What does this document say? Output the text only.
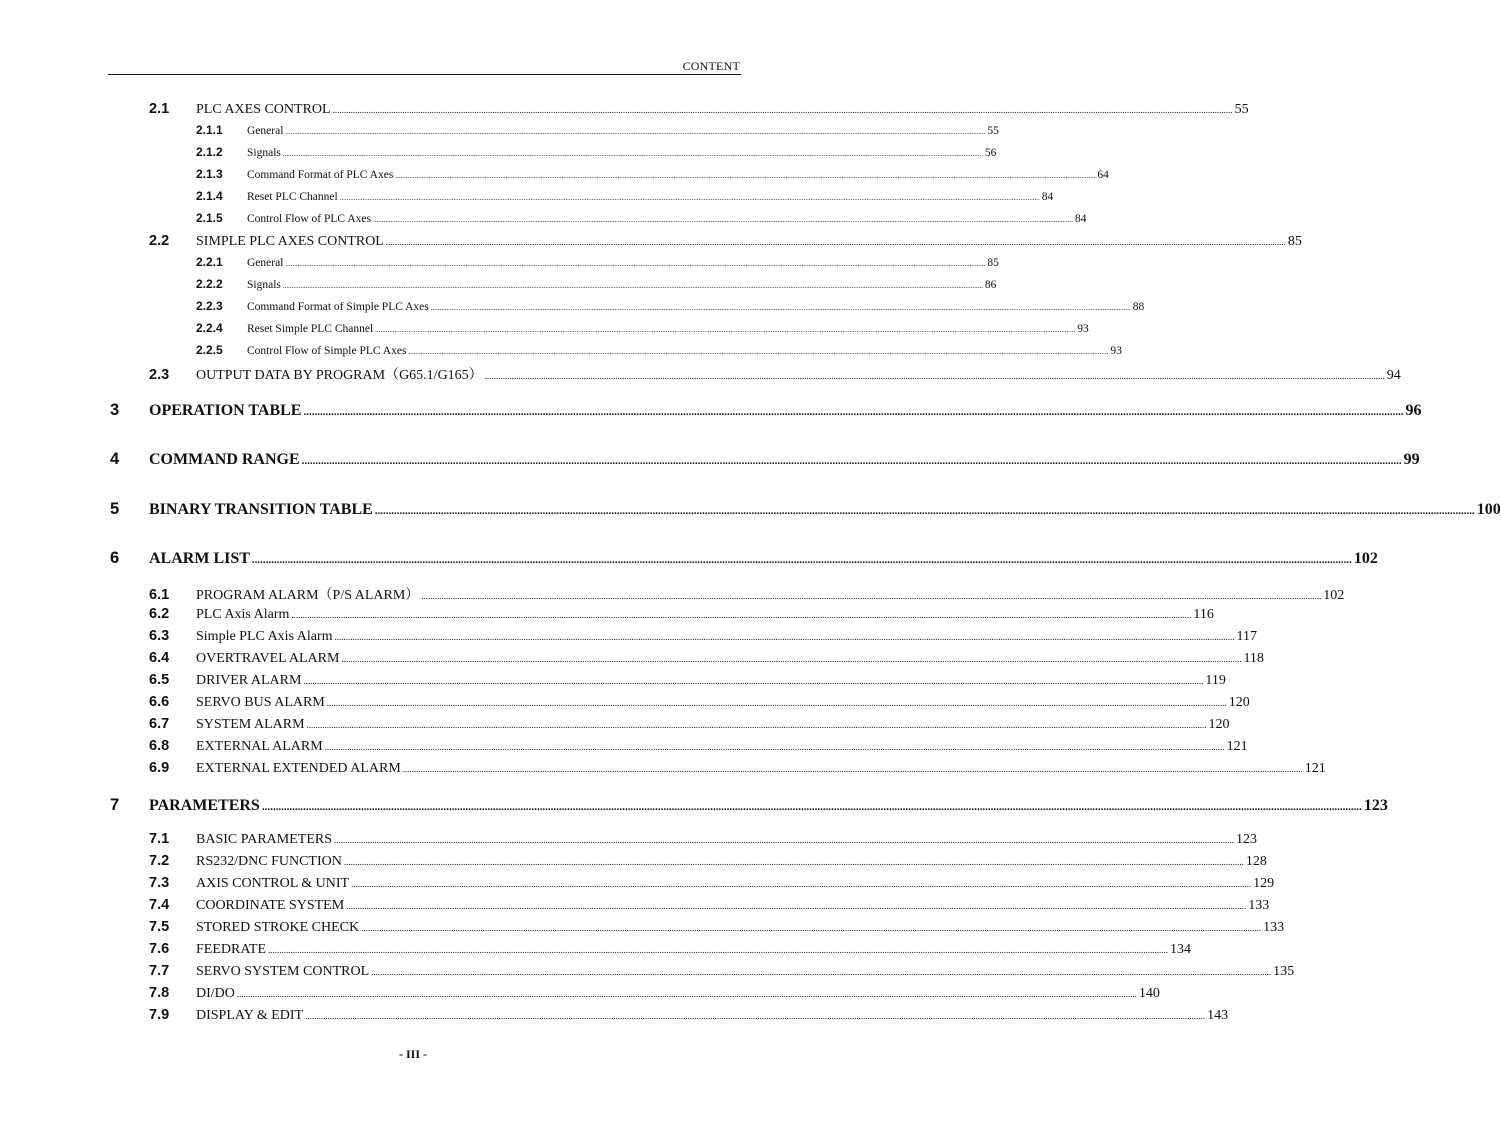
CONTENT
2.1	PLC AXES CONTROL ................................................................................................................................................................................................................................................................................................................................................................................................................ 55
2.1.1	General ................................................................................................................................................................................................................................................................................................................................................................................................................ 55
2.1.2	Signals ................................................................................................................................................................................................................................................................................................................................................................................................................ 56
2.1.3	Command Format of PLC Axes ................................................................................................................................................................................................................................................................................................................................................................................................................ 64
2.1.4	Reset PLC Channel ................................................................................................................................................................................................................................................................................................................................................................................................................ 84
2.1.5	Control Flow of PLC Axes ................................................................................................................................................................................................................................................................................................................................................................................................................ 84
2.2	SIMPLE PLC AXES CONTROL ................................................................................................................................................................................................................................................................................................................................................................................................................ 85
2.2.1	General ................................................................................................................................................................................................................................................................................................................................................................................................................ 85
2.2.2	Signals ................................................................................................................................................................................................................................................................................................................................................................................................................ 86
2.2.3	Command Format of Simple PLC Axes ................................................................................................................................................................................................................................................................................................................................................................................................................ 88
2.2.4	Reset Simple PLC Channel ................................................................................................................................................................................................................................................................................................................................................................................................................ 93
2.2.5	Control Flow of Simple PLC Axes ................................................................................................................................................................................................................................................................................................................................................................................................................ 93
2.3	OUTPUT DATA BY PROGRAM（G65.1/G165） ................................................................................................................................................................................................................................................................................................................................................................................................................ 94
3	OPERATION TABLE ................................................................................................................................................................................................................................................................................................................................................................................................................ 96
4	COMMAND RANGE ................................................................................................................................................................................................................................................................................................................................................................................................................ 99
5	BINARY TRANSITION TABLE ................................................................................................................................................................................................................................................................................................................................................................................................................ 100
6	ALARM LIST ................................................................................................................................................................................................................................................................................................................................................................................................................ 102
6.1	PROGRAM ALARM（P/S ALARM） ................................................................................................................................................................................................................................................................................................................................................................................................................ 102
6.2	PLC Axis Alarm ................................................................................................................................................................................................................................................................................................................................................................................................................ 116
6.3	Simple PLC Axis Alarm ................................................................................................................................................................................................................................................................................................................................................................................................................ 117
6.4	OVERTRAVEL ALARM ................................................................................................................................................................................................................................................................................................................................................................................................................ 118
6.5	DRIVER ALARM ................................................................................................................................................................................................................................................................................................................................................................................................................ 119
6.6	SERVO BUS ALARM ................................................................................................................................................................................................................................................................................................................................................................................................................ 120
6.7	SYSTEM ALARM ................................................................................................................................................................................................................................................................................................................................................................................................................ 120
6.8	EXTERNAL ALARM ................................................................................................................................................................................................................................................................................................................................................................................................................ 121
6.9	EXTERNAL EXTENDED ALARM ................................................................................................................................................................................................................................................................................................................................................................................................................ 121
7	PARAMETERS ................................................................................................................................................................................................................................................................................................................................................................................................................ 123
7.1	BASIC PARAMETERS ................................................................................................................................................................................................................................................................................................................................................................................................................ 123
7.2	RS232/DNC FUNCTION ................................................................................................................................................................................................................................................................................................................................................................................................................ 128
7.3	AXIS CONTROL & UNIT ................................................................................................................................................................................................................................................................................................................................................................................................................ 129
7.4	COORDINATE SYSTEM ................................................................................................................................................................................................................................................................................................................................................................................................................ 133
7.5	STORED STROKE CHECK ................................................................................................................................................................................................................................................................................................................................................................................................................ 133
7.6	FEEDRATE ................................................................................................................................................................................................................................................................................................................................................................................................................ 134
7.7	SERVO SYSTEM CONTROL ................................................................................................................................................................................................................................................................................................................................................................................................................ 135
7.8	DI/DO ................................................................................................................................................................................................................................................................................................................................................................................................................ 140
7.9	DISPLAY & EDIT ................................................................................................................................................................................................................................................................................................................................................................................................................ 143
- III -
